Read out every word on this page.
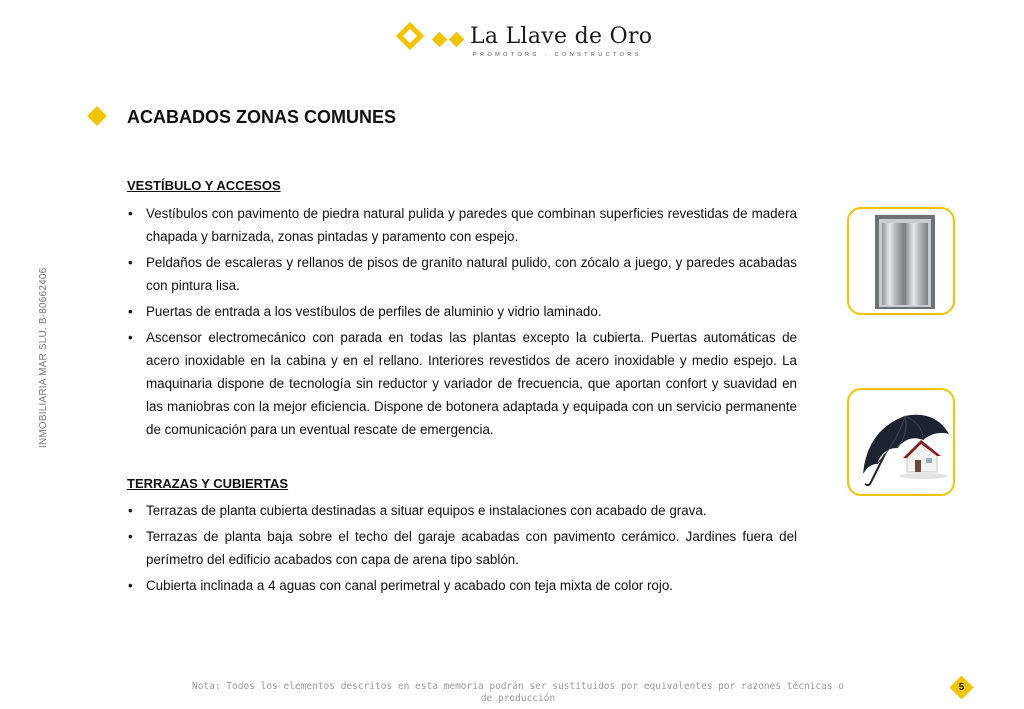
La Llave de Oro
PROMOTORS · CONSTRUCTORS
INMOBILIARIA MAR SLU. B-80662406
ACABADOS ZONAS COMUNES
VESTÍBULO Y ACCESOS
• Vestíbulos con pavimento de piedra natural pulida y paredes que combinan superficies revestidas de madera chapada y barnizada, zonas pintadas y paramento con espejo.
• Peldaños de escaleras y rellanos de pisos de granito natural pulido, con zócalo a juego, y paredes acabadas con pintura lisa.
• Puertas de entrada a los vestíbulos de perfiles de aluminio y vidrio laminado.
• Ascensor electromecánico con parada en todas las plantas excepto la cubierta. Puertas automáticas de acero inoxidable en la cabina y en el rellano. Interiores revestidos de acero inoxidable y medio espejo. La maquinaria dispone de tecnología sin reductor y variador de frecuencia, que aportan confort y suavidad en las maniobras con la mejor eficiencia. Dispone de botonera adaptada y equipada con un servicio permanente de comunicación para un eventual rescate de emergencia.
TERRAZAS Y CUBIERTAS
• Terrazas de planta cubierta destinadas a situar equipos e instalaciones con acabado de grava.
• Terrazas de planta baja sobre el techo del garaje acabadas con pavimento cerámico. Jardines fuera del perímetro del edificio acabados con capa de arena tipo sablón.
• Cubierta inclinada a 4 aguas con canal perimetral y acabado con teja mixta de color rojo.

Nota: Todos los elementos descritos en esta memoria podrán ser sustituidos por equivalentes por razones técnicas o
de producción

5
